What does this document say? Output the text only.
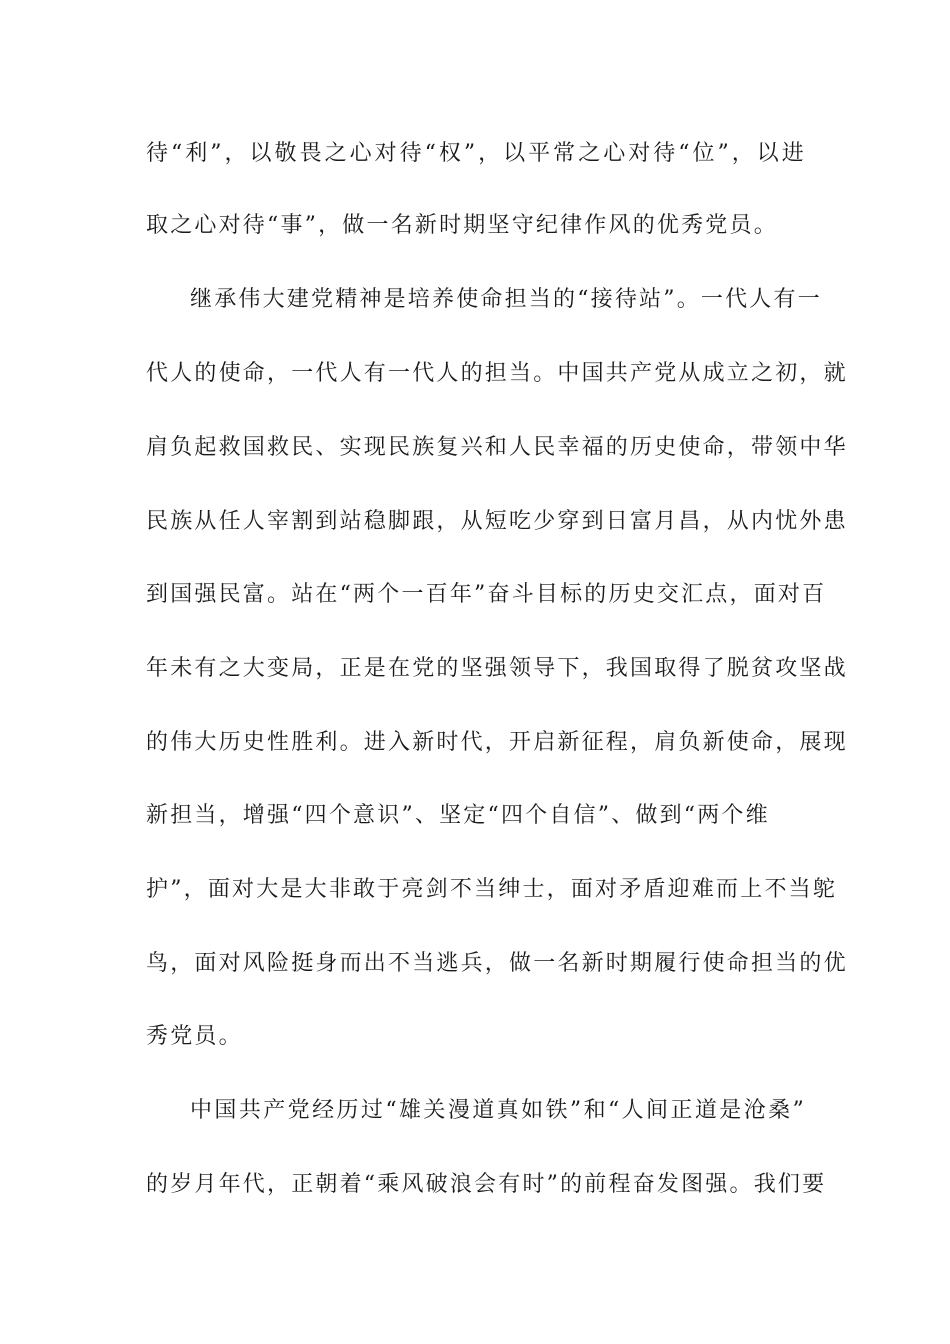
待“利”，以敬畏之心对待“权”，以平常之心对待“位”，以进
取之心对待“事”，做一名新时期坚守纪律作风的优秀党员。
继承伟大建党精神是培养使命担当的“接待站”。一代人有一
代人的使命，一代人有一代人的担当。中国共产党从成立之初，就
肩负起救国救民、实现民族复兴和人民幸福的历史使命，带领中华
民族从任人宰割到站稳脚跟，从短吃少穿到日富月昌，从内忧外患
到国强民富。站在“两个一百年”奋斗目标的历史交汇点，面对百
年未有之大变局，正是在党的坚强领导下，我国取得了脱贫攻坚战
的伟大历史性胜利。进入新时代，开启新征程，肩负新使命，展现
新担当，增强“四个意识”、坚定“四个自信”、做到“两个维
护”，面对大是大非敢于亮剑不当绅士，面对矛盾迎难而上不当鸵
鸟，面对风险挺身而出不当逃兵，做一名新时期履行使命担当的优
秀党员。
中国共产党经历过“雄关漫道真如铁”和“人间正道是沧桑”
的岁月年代，正朝着“乘风破浪会有时”的前程奋发图强。我们要
